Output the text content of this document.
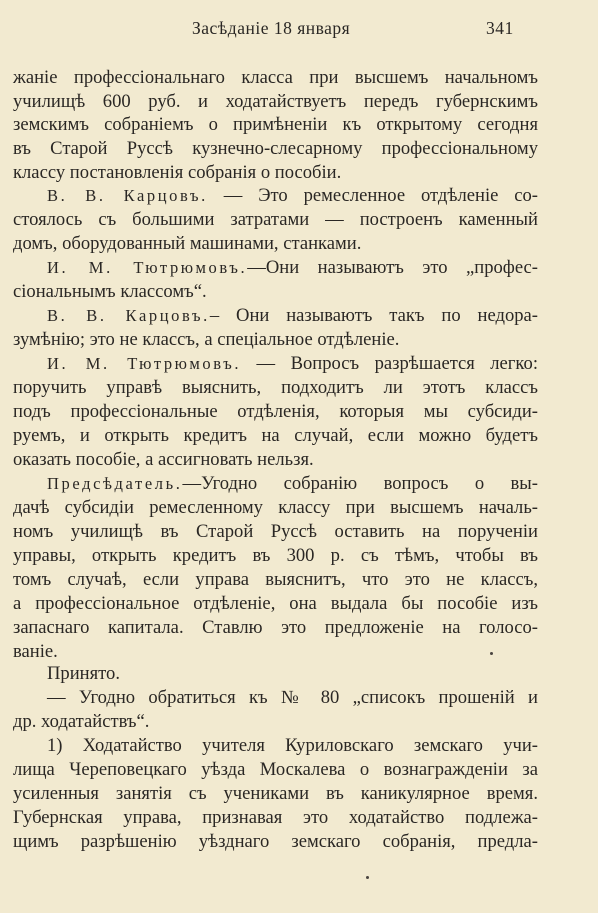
Засѣданіе 18 января	341
жаніе профессіональнаго класса при высшемъ начальномъ
училищѣ 600 руб. и ходатайствуетъ передъ губернскимъ
земскимъ собраніемъ о примѣненіи къ открытому сегодня
въ Старой Руссѣ кузнечно-слесарному профессіональному
классу постановленія собранія о пособіи.
В. В. Карцовъ. — Это ремесленное отдѣленіе со-
стоялось съ большими затратами — построенъ каменный
домъ, оборудованный машинами, станками.
И. М. Тютрюмовъ.—Они называютъ это „профес-
сіональнымъ классомъ“.
В. В. Карцовъ.– Они называютъ такъ по недора-
зумѣнію; это не классъ, а спеціальное отдѣленіе.
И. М. Тютрюмовъ. — Вопросъ разрѣшается легко:
поручить управѣ выяснить, подходитъ ли этотъ классъ
подъ профессіональные отдѣленія, которыя мы субсиди-
руемъ, и открыть кредитъ на случай, если можно будетъ
оказать пособіе, а ассигновать нельзя.
Предсѣдатель.—Угодно собранію вопросъ о вы-
дачѣ субсидіи ремесленному классу при высшемъ началь-
номъ училищѣ въ Старой Руссѣ оставить на порученіи
управы, открыть кредитъ въ 300 р. съ тѣмъ, чтобы въ
томъ случаѣ, если управа выяснитъ, что это не классъ,
а профессіональное отдѣленіе, она выдала бы пособіе изъ
запаснаго капитала. Ставлю это предложеніе на голосо-
ваніе.
Принято.
— Угодно обратиться къ № 80 „списокъ прошеній и
др. ходатайствъ“.
1) Ходатайство учителя Куриловскаго земскаго учи-
лища Череповецкаго уѣзда Москалева о вознагражденіи за
усиленныя занятія съ учениками въ каникулярное время.
Губернская управа, признавая это ходатайство подлежа-
щимъ разрѣшенію уѣзднаго земскаго собранія, предла-
